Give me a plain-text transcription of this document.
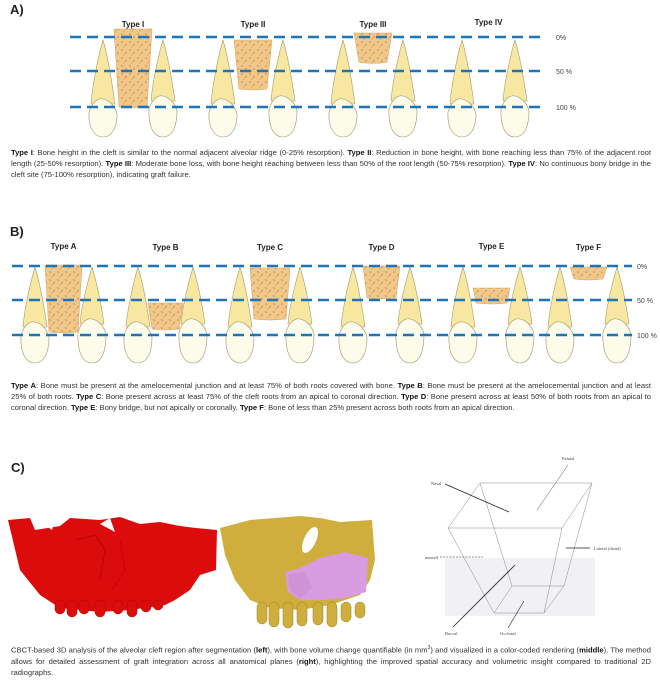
A)
Type I	Type II	Type III	Type IV
0%
50 %
100 %
Type I: Bone height in the cleft is similar to the normal adjacent alveolar ridge (0-25% resorption). Type II: Reduction in bone height, with bone reaching less than 75% of the adjacent root length (25-50% resorption). Type III: Moderate bone loss, with bone height reaching between less than 50% of the root length (50-75% resorption). Type IV: No continuous bony bridge in the cleft site (75-100% resorption), indicating graft failure.
B)
Type A	Type B	Type C	Type D	Type E	Type F
0%
50 %
100 %
Type A: Bone must be present at the amelocemental junction and at least 75% of both roots covered with bone. Type B: Bone must be present at the amelocemental junction and at least 25% of both roots. Type C: Bone present across at least 75% of the cleft roots from an apical to coronal direction. Type D: Bone present across at least 50% of both roots from an apical to coronal direction. Type E: Bony bridge, but not apically or coronally. Type F: Bone of less than 25% present across both roots from an apical direction.
C)
Nasal
Palatal
Lateral (distal)
mesial)
Buccal	Occlusal
CBCT-based 3D analysis of the alveolar cleft region after segmentation (left), with bone volume change quantifiable (in $mm^3$) and visualized in a color-coded rendering (middle). The method allows for detailed assessment of graft integration across all anatomical planes (right), highlighting the improved spatial accuracy and volumetric insight compared to traditional 2D radiographs.
